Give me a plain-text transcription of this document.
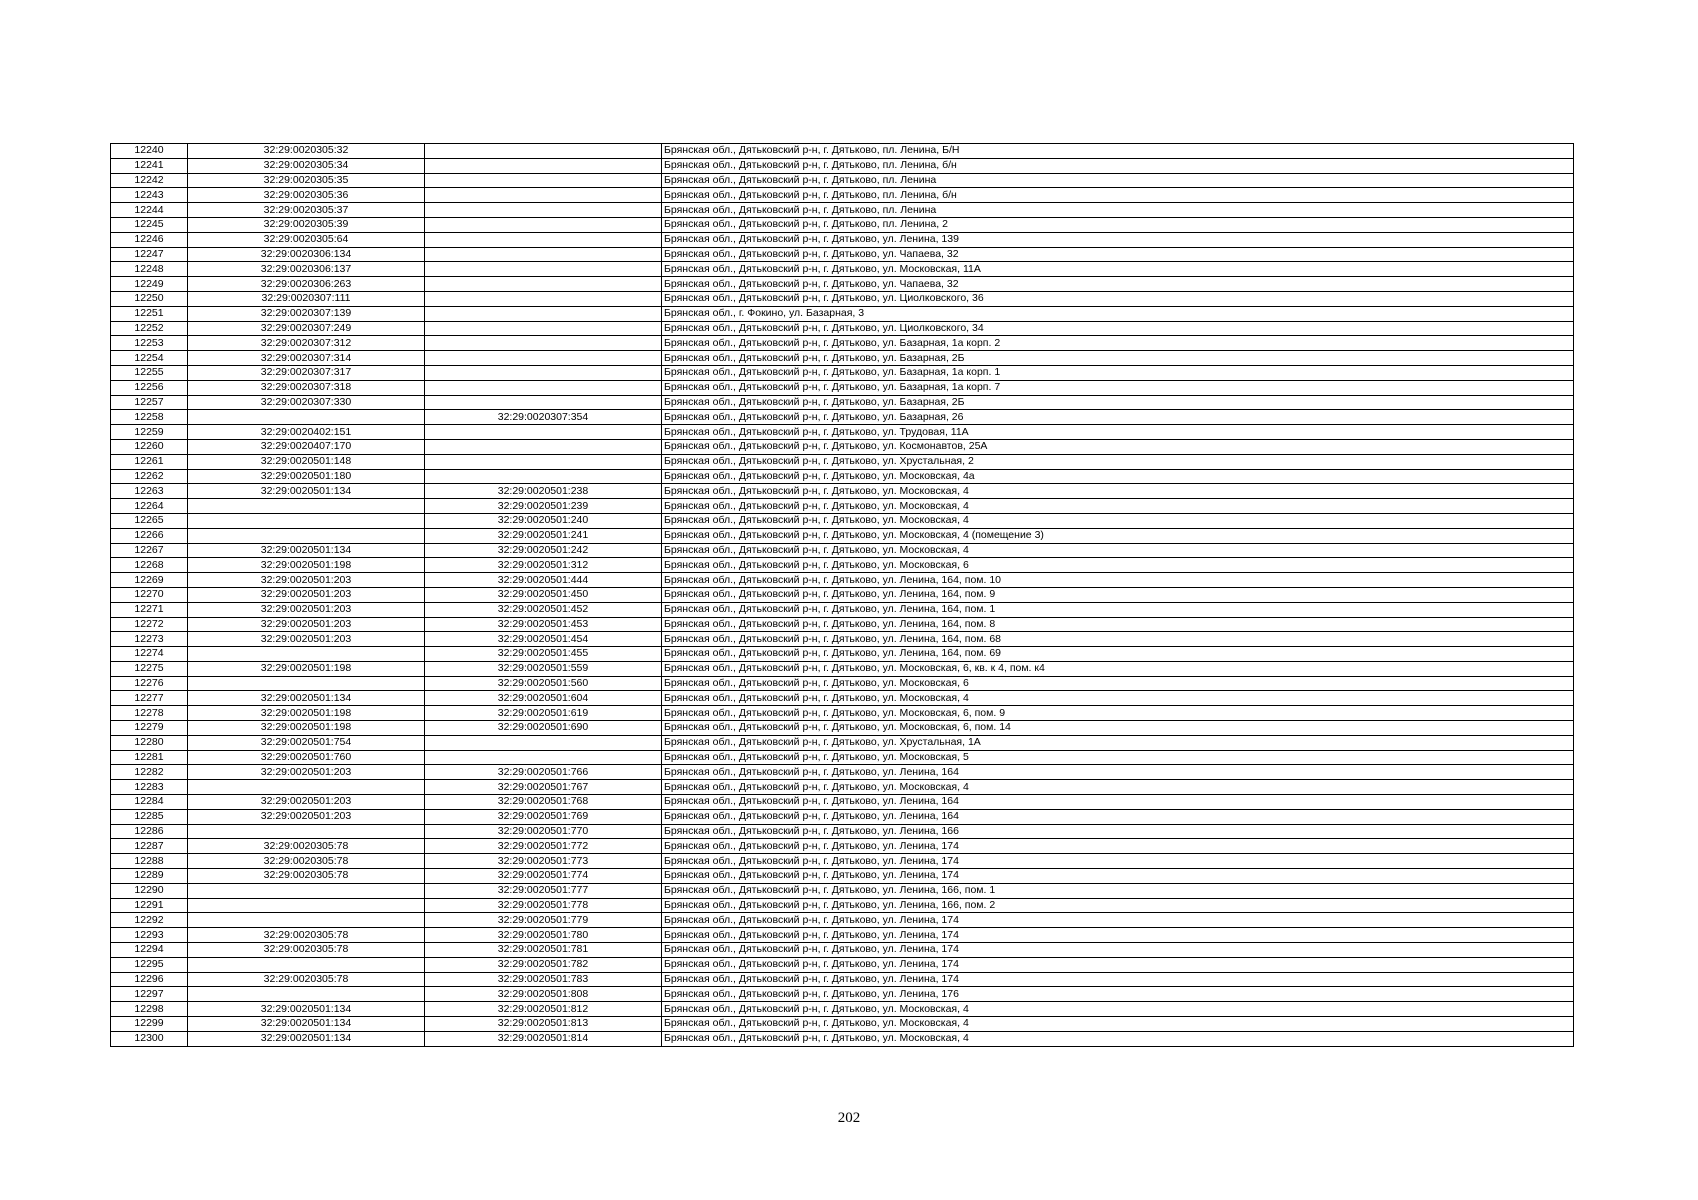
12240	32:29:0020305:32		Брянская обл., Дятьковский р-н, г. Дятьково, пл. Ленина, Б/Н
12241	32:29:0020305:34		Брянская обл., Дятьковский р-н, г. Дятьково, пл. Ленина, б/н
12242	32:29:0020305:35		Брянская обл., Дятьковский р-н, г. Дятьково, пл. Ленина
12243	32:29:0020305:36		Брянская обл., Дятьковский р-н, г. Дятьково, пл. Ленина, б/н
12244	32:29:0020305:37		Брянская обл., Дятьковский р-н, г. Дятьково, пл. Ленина
12245	32:29:0020305:39		Брянская обл., Дятьковский р-н, г. Дятьково, пл. Ленина, 2
12246	32:29:0020305:64		Брянская обл., Дятьковский р-н, г. Дятьково, ул. Ленина, 139
12247	32:29:0020306:134		Брянская обл., Дятьковский р-н, г. Дятьково, ул. Чапаева, 32
12248	32:29:0020306:137		Брянская обл., Дятьковский р-н, г. Дятьково, ул. Московская, 11А
12249	32:29:0020306:263		Брянская обл., Дятьковский р-н, г. Дятьково, ул. Чапаева, 32
12250	32:29:0020307:111		Брянская обл., Дятьковский р-н, г. Дятьково, ул. Циолковского, 36
12251	32:29:0020307:139		Брянская обл., г. Фокино, ул. Базарная, 3
12252	32:29:0020307:249		Брянская обл., Дятьковский р-н, г. Дятьково, ул. Циолковского, 34
12253	32:29:0020307:312		Брянская обл., Дятьковский р-н, г. Дятьково, ул. Базарная, 1а корп. 2
12254	32:29:0020307:314		Брянская обл., Дятьковский р-н, г. Дятьково, ул. Базарная, 2Б
12255	32:29:0020307:317		Брянская обл., Дятьковский р-н, г. Дятьково, ул. Базарная, 1а корп. 1
12256	32:29:0020307:318		Брянская обл., Дятьковский р-н, г. Дятьково, ул. Базарная, 1а корп. 7
12257	32:29:0020307:330		Брянская обл., Дятьковский р-н, г. Дятьково, ул. Базарная, 2Б
12258		32:29:0020307:354	Брянская обл., Дятьковский р-н, г. Дятьково, ул. Базарная, 26
12259	32:29:0020402:151		Брянская обл., Дятьковский р-н, г. Дятьково, ул. Трудовая, 11А
12260	32:29:0020407:170		Брянская обл., Дятьковский р-н, г. Дятьково, ул. Космонавтов, 25А
12261	32:29:0020501:148		Брянская обл., Дятьковский р-н, г. Дятьково, ул. Хрустальная, 2
12262	32:29:0020501:180		Брянская обл., Дятьковский р-н, г. Дятьково, ул. Московская, 4а
12263	32:29:0020501:134	32:29:0020501:238	Брянская обл., Дятьковский р-н, г. Дятьково, ул. Московская, 4
12264		32:29:0020501:239	Брянская обл., Дятьковский р-н, г. Дятьково, ул. Московская, 4
12265		32:29:0020501:240	Брянская обл., Дятьковский р-н, г. Дятьково, ул. Московская, 4
12266		32:29:0020501:241	Брянская обл., Дятьковский р-н, г. Дятьково, ул. Московская, 4 (помещение 3)
12267	32:29:0020501:134	32:29:0020501:242	Брянская обл., Дятьковский р-н, г. Дятьково, ул. Московская, 4
12268	32:29:0020501:198	32:29:0020501:312	Брянская обл., Дятьковский р-н, г. Дятьково, ул. Московская, 6
12269	32:29:0020501:203	32:29:0020501:444	Брянская обл., Дятьковский р-н, г. Дятьково, ул. Ленина, 164, пом. 10
12270	32:29:0020501:203	32:29:0020501:450	Брянская обл., Дятьковский р-н, г. Дятьково, ул. Ленина, 164, пом. 9
12271	32:29:0020501:203	32:29:0020501:452	Брянская обл., Дятьковский р-н, г. Дятьково, ул. Ленина, 164, пом. 1
12272	32:29:0020501:203	32:29:0020501:453	Брянская обл., Дятьковский р-н, г. Дятьково, ул. Ленина, 164, пом. 8
12273	32:29:0020501:203	32:29:0020501:454	Брянская обл., Дятьковский р-н, г. Дятьково, ул. Ленина, 164, пом. 68
12274		32:29:0020501:455	Брянская обл., Дятьковский р-н, г. Дятьково, ул. Ленина, 164, пом. 69
12275	32:29:0020501:198	32:29:0020501:559	Брянская обл., Дятьковский р-н, г. Дятьково, ул. Московская, 6, кв. к 4, пом. к4
12276		32:29:0020501:560	Брянская обл., Дятьковский р-н, г. Дятьково, ул. Московская, 6
12277	32:29:0020501:134	32:29:0020501:604	Брянская обл., Дятьковский р-н, г. Дятьково, ул. Московская, 4
12278	32:29:0020501:198	32:29:0020501:619	Брянская обл., Дятьковский р-н, г. Дятьково, ул. Московская, 6, пом. 9
12279	32:29:0020501:198	32:29:0020501:690	Брянская обл., Дятьковский р-н, г. Дятьково, ул. Московская, 6, пом. 14
12280	32:29:0020501:754		Брянская обл., Дятьковский р-н, г. Дятьково, ул. Хрустальная, 1А
12281	32:29:0020501:760		Брянская обл., Дятьковский р-н, г. Дятьково, ул. Московская, 5
12282	32:29:0020501:203	32:29:0020501:766	Брянская обл., Дятьковский р-н, г. Дятьково, ул. Ленина, 164
12283		32:29:0020501:767	Брянская обл., Дятьковский р-н, г. Дятьково, ул. Московская, 4
12284	32:29:0020501:203	32:29:0020501:768	Брянская обл., Дятьковский р-н, г. Дятьково, ул. Ленина, 164
12285	32:29:0020501:203	32:29:0020501:769	Брянская обл., Дятьковский р-н, г. Дятьково, ул. Ленина, 164
12286		32:29:0020501:770	Брянская обл., Дятьковский р-н, г. Дятьково, ул. Ленина, 166
12287	32:29:0020305:78	32:29:0020501:772	Брянская обл., Дятьковский р-н, г. Дятьково, ул. Ленина, 174
12288	32:29:0020305:78	32:29:0020501:773	Брянская обл., Дятьковский р-н, г. Дятьково, ул. Ленина, 174
12289	32:29:0020305:78	32:29:0020501:774	Брянская обл., Дятьковский р-н, г. Дятьково, ул. Ленина, 174
12290		32:29:0020501:777	Брянская обл., Дятьковский р-н, г. Дятьково, ул. Ленина, 166, пом. 1
12291		32:29:0020501:778	Брянская обл., Дятьковский р-н, г. Дятьково, ул. Ленина, 166, пом. 2
12292		32:29:0020501:779	Брянская обл., Дятьковский р-н, г. Дятьково, ул. Ленина, 174
12293	32:29:0020305:78	32:29:0020501:780	Брянская обл., Дятьковский р-н, г. Дятьково, ул. Ленина, 174
12294	32:29:0020305:78	32:29:0020501:781	Брянская обл., Дятьковский р-н, г. Дятьково, ул. Ленина, 174
12295		32:29:0020501:782	Брянская обл., Дятьковский р-н, г. Дятьково, ул. Ленина, 174
12296	32:29:0020305:78	32:29:0020501:783	Брянская обл., Дятьковский р-н, г. Дятьково, ул. Ленина, 174
12297		32:29:0020501:808	Брянская обл., Дятьковский р-н, г. Дятьково, ул. Ленина, 176
12298	32:29:0020501:134	32:29:0020501:812	Брянская обл., Дятьковский р-н, г. Дятьково, ул. Московская, 4
12299	32:29:0020501:134	32:29:0020501:813	Брянская обл., Дятьковский р-н, г. Дятьково, ул. Московская, 4
12300	32:29:0020501:134	32:29:0020501:814	Брянская обл., Дятьковский р-н, г. Дятьково, ул. Московская, 4
202
